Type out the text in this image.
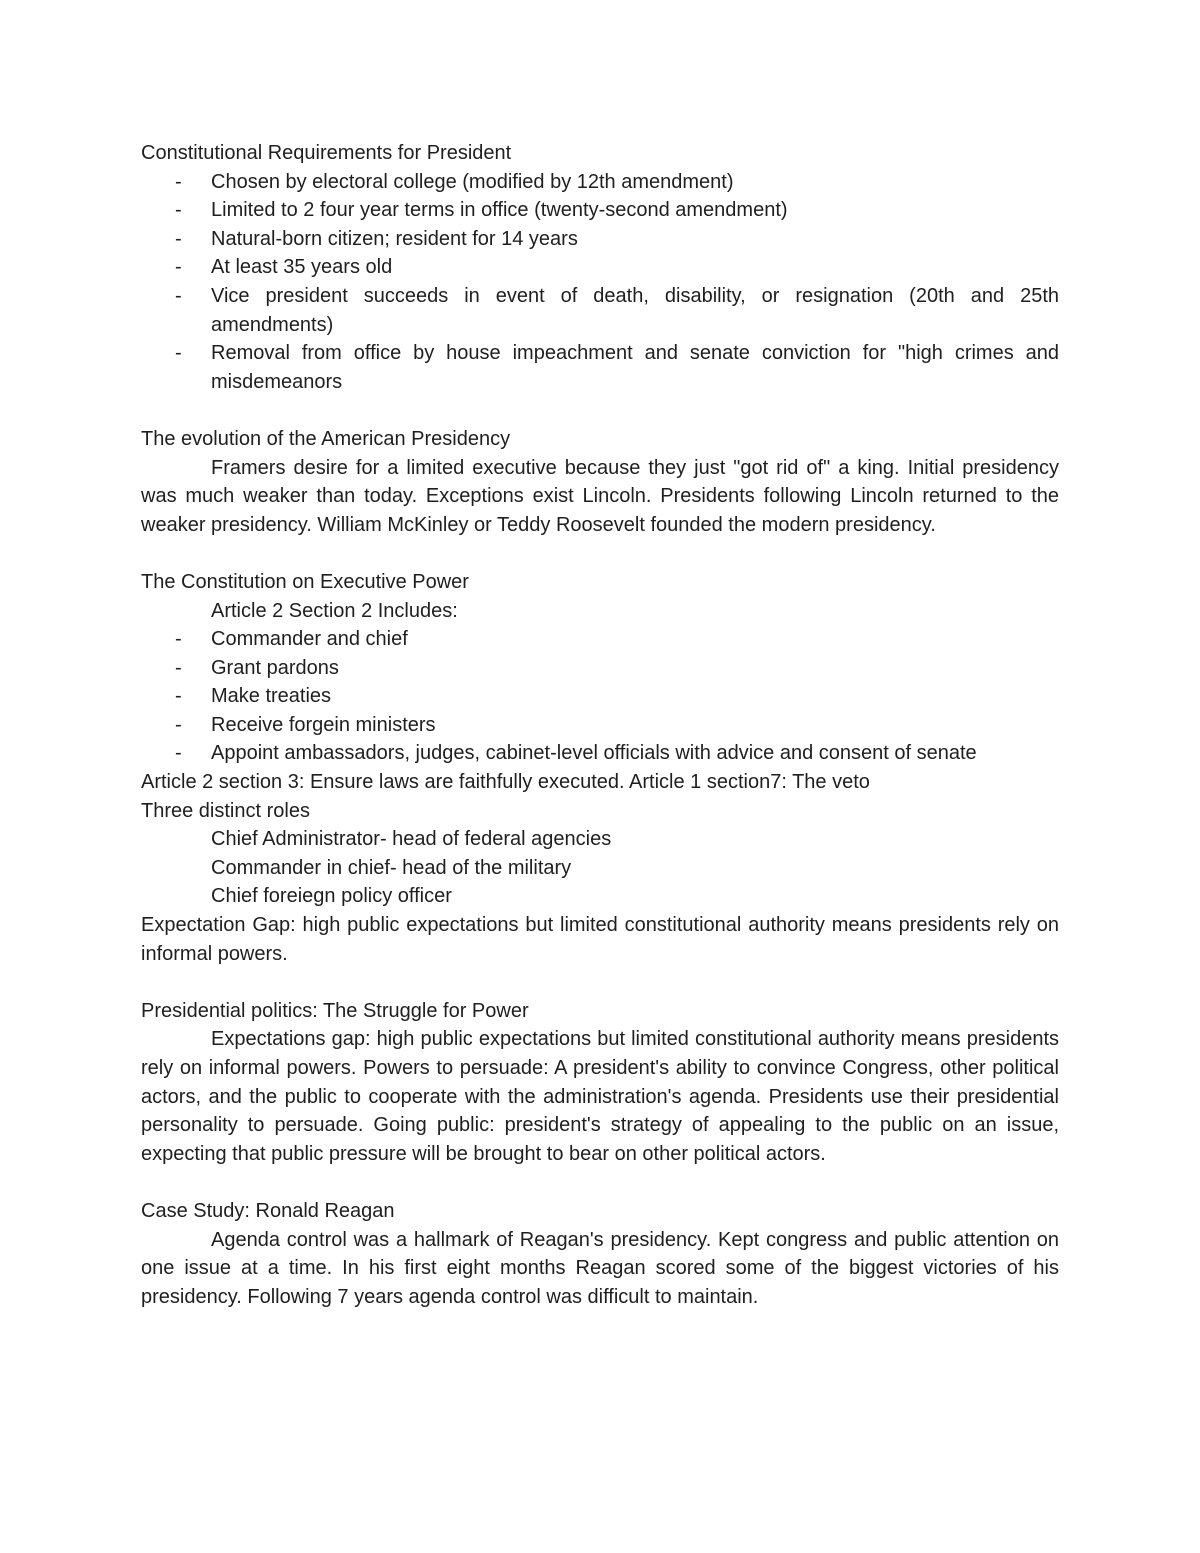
Constitutional Requirements for President

- Chosen by electoral college (modified by 12th amendment)
- Limited to 2 four year terms in office (twenty-second amendment)
- Natural-born citizen; resident for 14 years
- At least 35 years old
- Vice president succeeds in event of death, disability, or resignation (20th and 25th amendments)
- Removal from office by house impeachment and senate conviction for "high crimes and misdemeanors

The evolution of the American Presidency

Framers desire for a limited executive because they just "got rid of" a king. Initial presidency was much weaker than today. Exceptions exist Lincoln. Presidents following Lincoln returned to the weaker presidency. William McKinley or Teddy Roosevelt founded the modern presidency.

The Constitution on Executive Power

Article 2 Section 2 Includes:

- Commander and chief
- Grant pardons
- Make treaties
- Receive forgein ministers
- Appoint ambassadors, judges, cabinet-level officials with advice and consent of senate

Article 2 section 3: Ensure laws are faithfully executed. Article 1 section7: The veto

Three distinct roles

Chief Administrator- head of federal agencies

Commander in chief- head of the military

Chief foreiegn policy officer

Expectation Gap: high public expectations but limited constitutional authority means presidents rely on informal powers.

Presidential politics: The Struggle for Power

Expectations gap: high public expectations but limited constitutional authority means presidents rely on informal powers. Powers to persuade: A president's ability to convince Congress, other political actors, and the public to cooperate with the administration's agenda. Presidents use their presidential personality to persuade. Going public: president's strategy of appealing to the public on an issue, expecting that public pressure will be brought to bear on other political actors.

Case Study: Ronald Reagan

Agenda control was a hallmark of Reagan's presidency. Kept congress and public attention on one issue at a time. In his first eight months Reagan scored some of the biggest victories of his presidency. Following 7 years agenda control was difficult to maintain.
